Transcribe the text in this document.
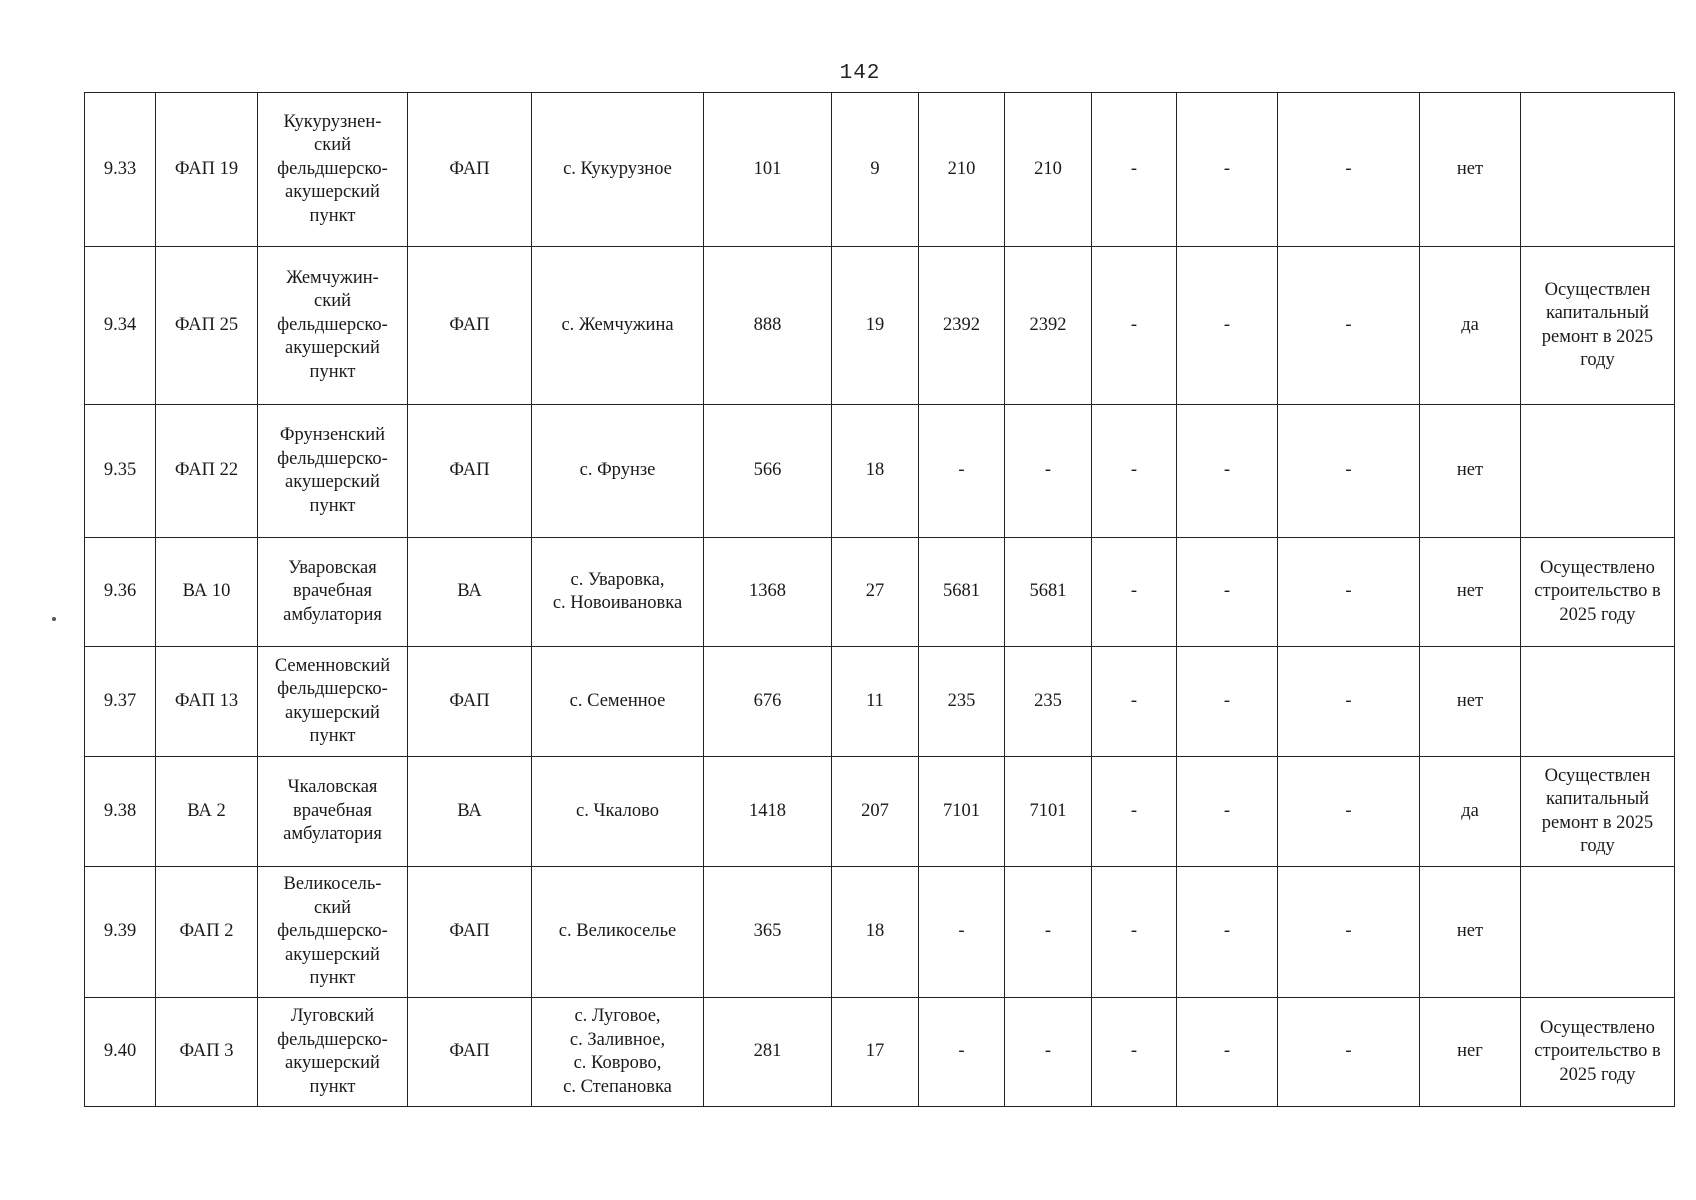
142
9.33	ФАП 19	Кукурузнен-
ский
фельдшерско-
акушерский
пункт	ФАП	с. Кукурузное	101	9	210	210	-	-	-	нет	

9.34	ФАП 25	Жемчужин-
ский
фельдшерско-
акушерский
пункт	ФАП	с. Жемчужина	888	19	2392	2392	-	-	-	да	Осуществлен
капитальный
ремонт в 2025
году

9.35	ФАП 22	Фрунзенский
фельдшерско-
акушерский
пункт	ФАП	с. Фрунзе	566	18	-	-	-	-	-	нет	

9.36	ВА 10	Уваровская
врачебная
амбулатория	ВА	с. Уваровка,
с. Новоивановка	1368	27	5681	5681	-	-	-	нет	Осуществлено
строительство в
2025 году

9.37	ФАП 13	Семенновский
фельдшерско-
акушерский
пункт	ФАП	с. Семенное	676	11	235	235	-	-	-	нет	

9.38	ВА 2	Чкаловская
врачебная
амбулатория	ВА	с. Чкалово	1418	207	7101	7101	-	-	-	да	Осуществлен
капитальный
ремонт в 2025
году

9.39	ФАП 2	Великосель-
ский
фельдшерско-
акушерский
пункт	ФАП	с. Великоселье	365	18	-	-	-	-	-	нет	

9.40	ФАП 3	Луговский
фельдшерско-
акушерский
пункт	ФАП	с. Луговое,
с. Заливное,
с. Коврово,
с. Степановка	281	17	-	-	-	-	-	нег	Осуществлено
строительство в
2025 году
